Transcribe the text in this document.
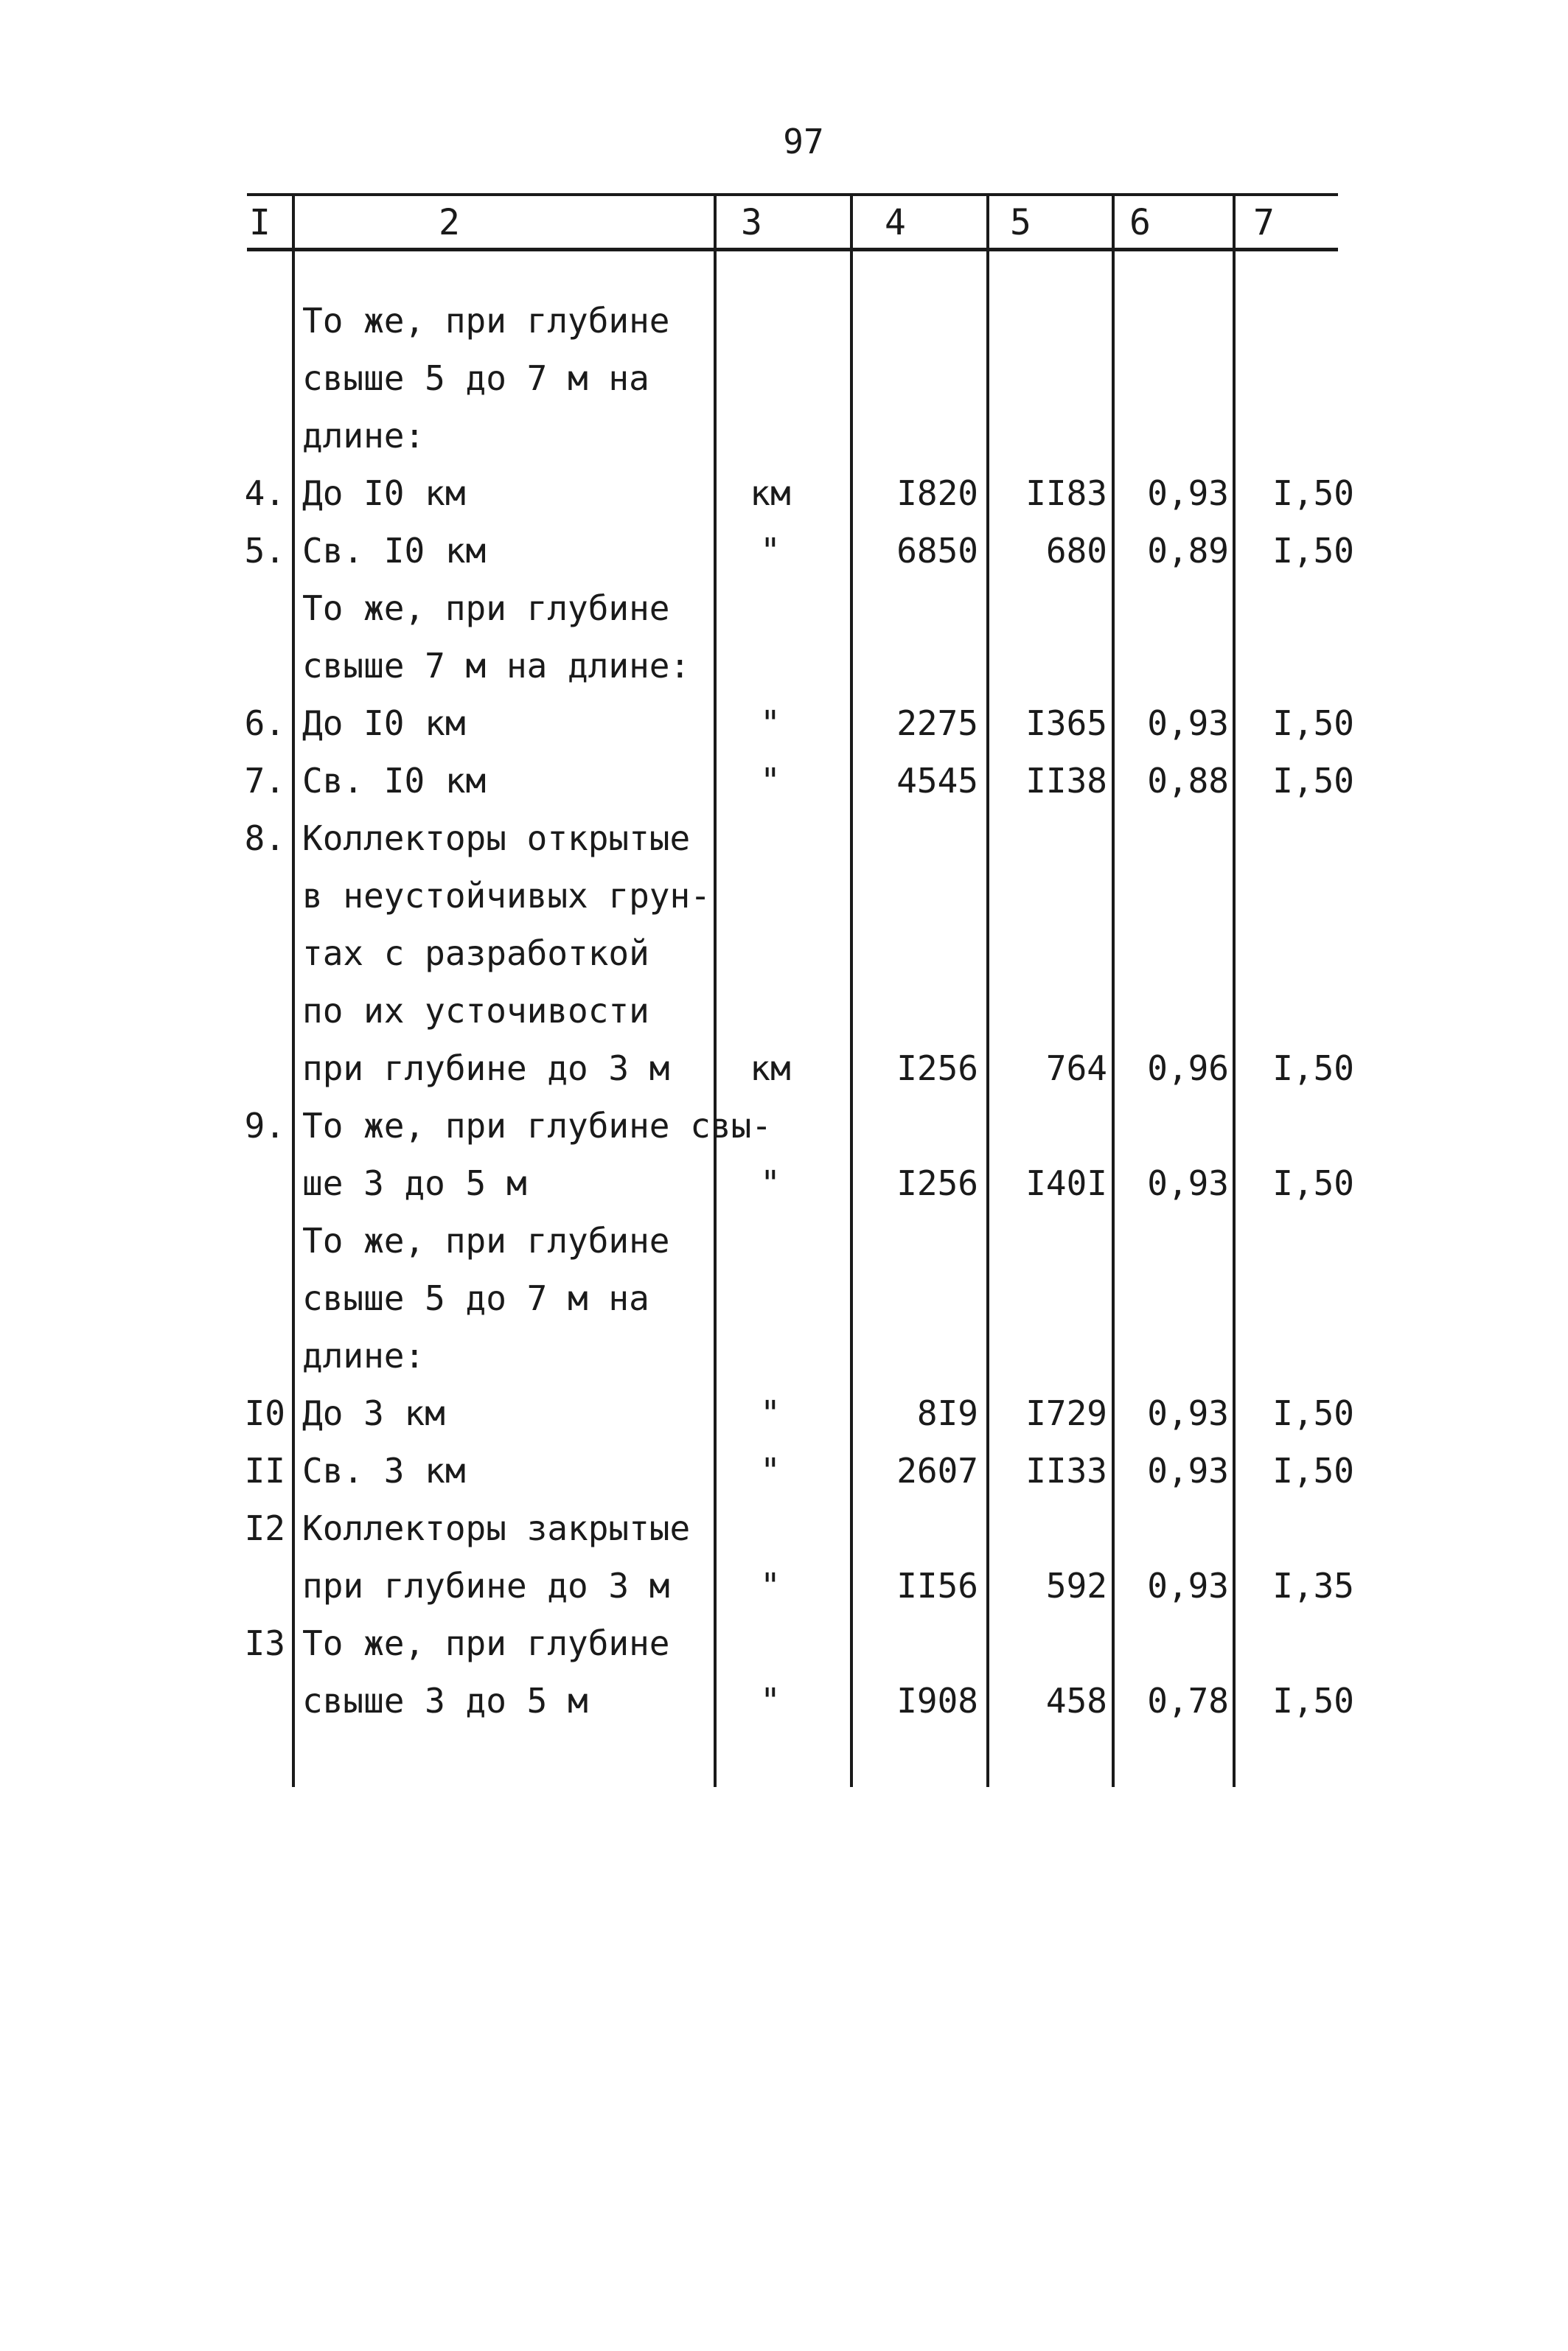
97
I	2	3	4	5	6	7
То же, при глубине
свыше 5 до 7 м на
длине:
4. До I0 км	км	I820 II83 0,93 I,50
5. Св. I0 км	"	6850 680 0,89 I,50
То же, при глубине
свыше 7 м на длине:
6. До I0 км	"	2275 I365 0,93 I,50
7. Св. I0 км	"	4545 II38 0,88 I,50
8. Коллекторы открытые
в неустойчивых грун-
тах с разработкой
по их усточивости
при глубине до 3 м	км	I256 764 0,96 I,50
9. То же, при глубине свы-
ше 3 до 5 м	"	I256 I40I 0,93 I,50
То же, при глубине
свыше 5 до 7 м на
длине:
I0 До 3 км	"	8I9 I729 0,93 I,50
II Св. 3 км	"	2607 II33 0,93 I,50
I2 Коллекторы закрытые
при глубине до 3 м	"	II56 592 0,93 I,35
I3 То же, при глубине
свыше 3 до 5 м	"	I908 458 0,78 I,50
